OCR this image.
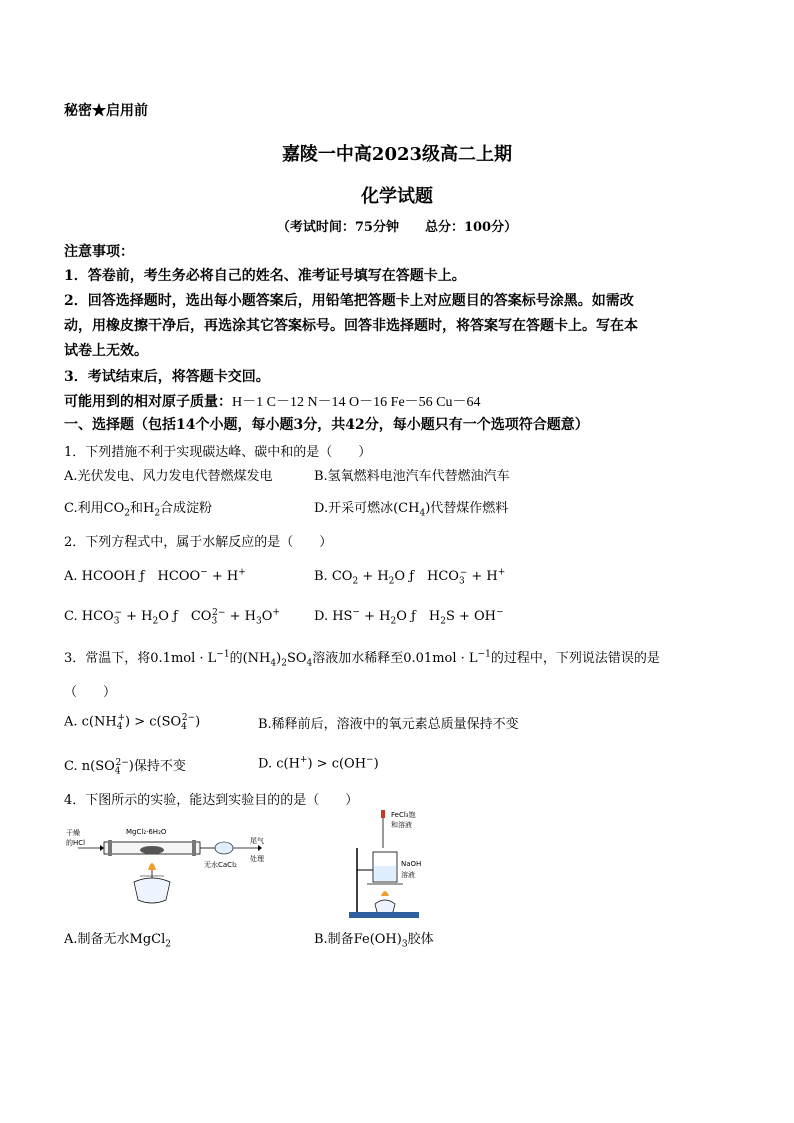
秘密★启用前
嘉陵一中高2023级高二上期
化学试题
（考试时间：75分钟　　总分：100分）
注意事项：
1．答卷前，考生务必将自己的姓名、准考证号填写在答题卡上。
2．回答选择题时，选出每小题答案后，用铅笔把答题卡上对应题目的答案标号涂黑。如需改
动，用橡皮擦干净后，再选涂其它答案标号。回答非选择题时，将答案写在答题卡上。写在本
试卷上无效。
3．考试结束后，将答题卡交回。
可能用到的相对原子质量：H－1 C－12 N－14 O－16 Fe－56 Cu－64
一、选择题（包括14个小题，每小题3分，共42分，每小题只有一个选项符合题意）
1．下列措施不利于实现碳达峰、碳中和的是（　　）
A.光伏发电、风力发电代替燃煤发电	B.氢氧燃料电池汽车代替燃油汽车
C.利用$CO_2$和$H_2$合成淀粉	D.开采可燃冰$(CH_4)$代替煤作燃料
2．下列方程式中，属于水解反应的是（　　）
A. HCOOH ƒ　HCOO− + H+	B. $CO_2 + H_2O$ ƒ　$HCO_3^- + H^+$
C. $HCO_3^- + H_2O$ ƒ　$CO_3^{2-} + H_3O^+$	D. $HS^- + H_2O$ ƒ　$H_2S + OH^-$
3．常温下，将$0.1mol \cdot L^{-1}$的$(NH_4)_2SO_4$溶液加水稀释至$0.01mol \cdot L^{-1}$的过程中，下列说法错误的是
（　　）
A. $c(NH_4^+) > c(SO_4^{2-})$	B.稀释前后，溶液中的氧元素总质量保持不变
C. $n(SO_4^{2-})$保持不变	D. c(H+) > c(OH−)
4．下图所示的实验，能达到实验目的的是（　　）
干燥
的HCl
MgCl₂·6H₂O
无水CaCl₂
尾气
处理
FeCl₃饱
和溶液
NaOH
溶液
A.制备无水MgCl$_2$	B.制备$Fe(OH)_3$胶体
